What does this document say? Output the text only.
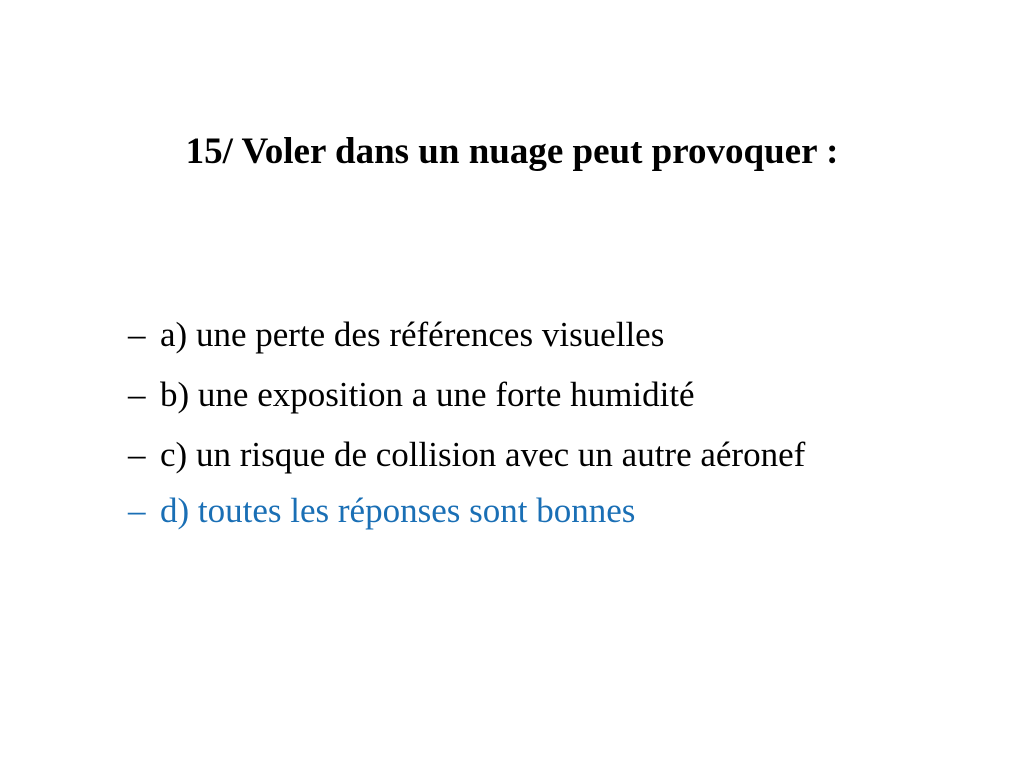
15/ Voler dans un nuage peut provoquer :
– a) une perte des références visuelles
– b) une exposition a une forte humidité
– c) un risque de collision avec un autre aéronef
– d) toutes les réponses sont bonnes
